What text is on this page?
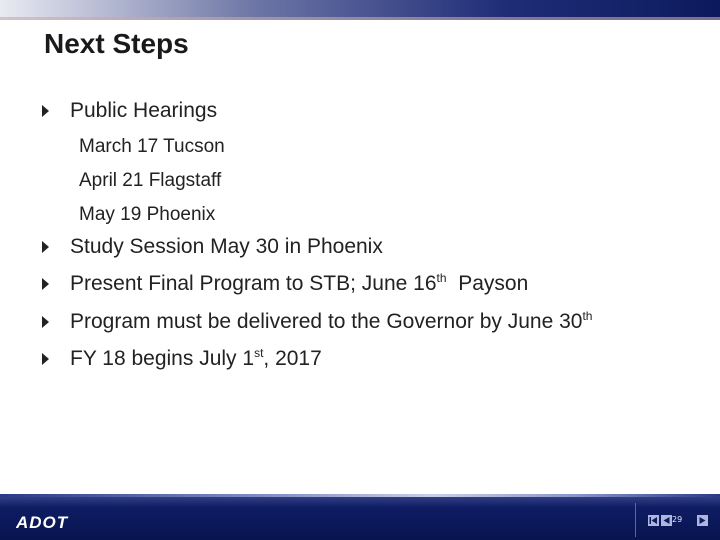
Next Steps
Public Hearings
March 17 Tucson
April 21 Flagstaff
May 19 Phoenix
Study Session May 30 in Phoenix
Present Final Program to STB; June 16th  Payson
Program must be delivered to the Governor by June 30th
FY 18 begins July 1st, 2017
ADOT	29
